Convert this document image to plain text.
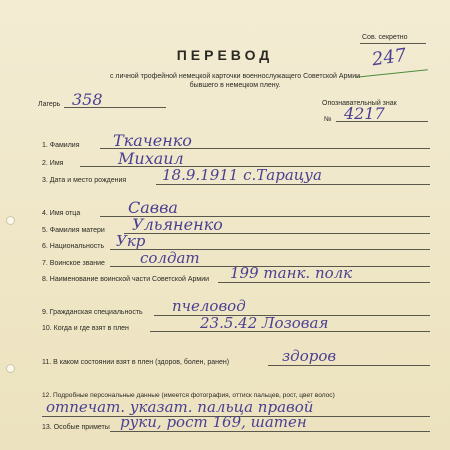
Сов. секретно
247
ПЕРЕВОД
с личной трофейной немецкой карточки военнослужащего Советской Армии
бывшего в немецком плену.
Лагерь 358	Опознавательный знак
№ 4217
1. Фамилия Ткаченко
2. Имя	Михаил
3. Дата и место рождения 18.9.1911 с.Тарацуа
4. Имя отца	Савва
5. Фамилия матери Ульяненко
6. Национальность Укр
7. Воинское звание солдат
8. Наименование воинской части Советской Армии 199 танк. полк
9. Гражданская специальность пчеловод
10. Когда и где взят в плен	23.5.42 Лозовая
11. В каком состоянии взят в плен (здоров, болен, ранен)	здоров
12. Подробные персональные данные (имеется фотография, оттиск пальцев, рост, цвет волос)
отпечат. указат. пальца правой
13. Особые приметы руки, рост 169, шатен
